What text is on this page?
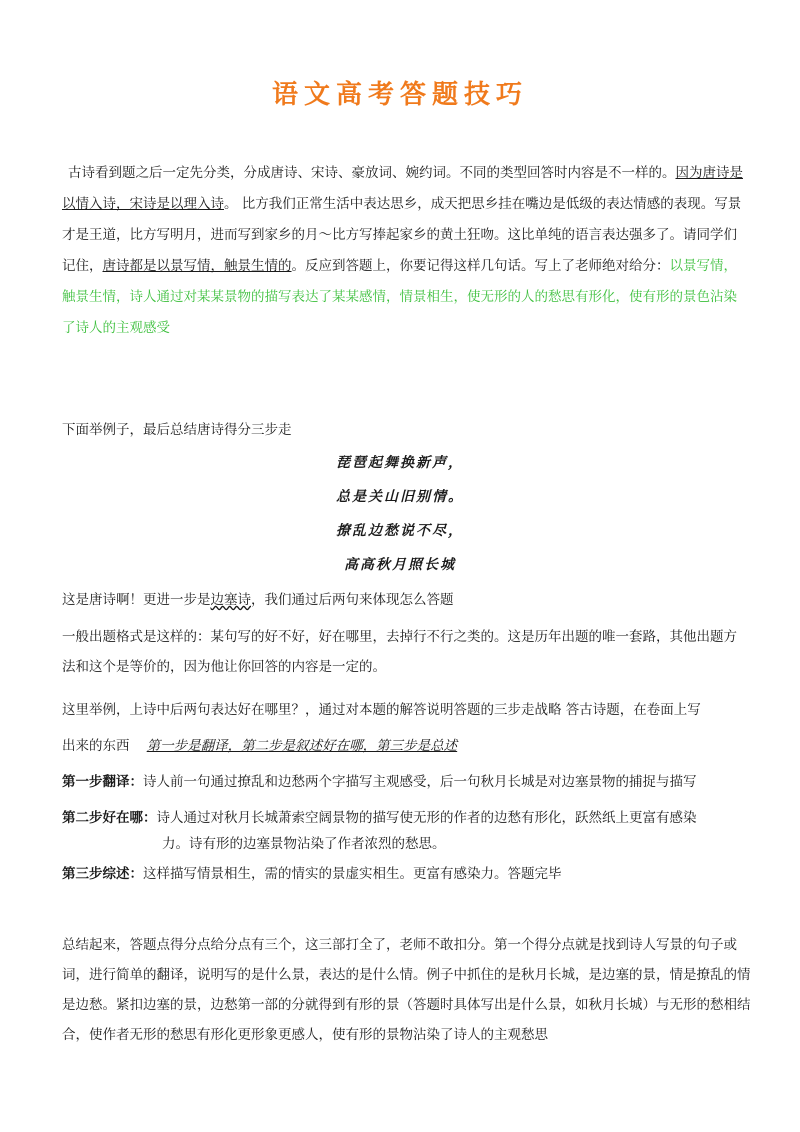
语文高考答题技巧
古诗看到题之后一定先分类，分成唐诗、宋诗、豪放词、婉约词。不同的类型回答时内容是不一样的。因为唐诗是以情入诗，宋诗是以理入诗。 比方我们正常生活中表达思乡，成天把思乡挂在嘴边是低级的表达情感的表现。写景才是王道，比方写明月，进而写到家乡的月～比方写捧起家乡的黄土狂吻。这比单纯的语言表达强多了。请同学们记住，唐诗都是以景写情，触景生情的。反应到答题上，你要记得这样几句话。写上了老师绝对给分：以景写情，触景生情，诗人通过对某某景物的描写表达了某某感情，情景相生，使无形的人的愁思有形化，使有形的景色沾染了诗人的主观感受
下面举例子，最后总结唐诗得分三步走
琵琶起舞换新声，
总是关山旧别情。
撩乱边愁说不尽，
高高秋月照长城
这是唐诗啊！更进一步是边塞诗，我们通过后两句来体现怎么答题
一般出题格式是这样的：某句写的好不好，好在哪里，去掉行不行之类的。这是历年出题的唯一套路，其他出题方法和这个是等价的，因为他让你回答的内容是一定的。
这里举例，上诗中后两句表达好在哪里？，通过对本题的解答说明答题的三步走战略 答古诗题，在卷面上写
出来的东西 第一步是翻译，第二步是叙述好在哪，第三步是总述
第一步翻译：诗人前一句通过撩乱和边愁两个字描写主观感受，后一句秋月长城是对边塞景物的捕捉与描写
第二步好在哪：诗人通过对秋月长城萧索空阔景物的描写使无形的作者的边愁有形化，跃然纸上更富有感染
力。诗有形的边塞景物沾染了作者浓烈的愁思。
第三步综述：这样描写情景相生，需的情实的景虚实相生。更富有感染力。答题完毕
总结起来，答题点得分点给分点有三个，这三部打全了，老师不敢扣分。第一个得分点就是找到诗人写景的句子或词，进行简单的翻译，说明写的是什么景，表达的是什么情。例子中抓住的是秋月长城，是边塞的景，情是撩乱的情是边愁。紧扣边塞的景，边愁第一部的分就得到有形的景（答题时具体写出是什么景，如秋月长城）与无形的愁相结合，使作者无形的愁思有形化更形象更感人，使有形的景物沾染了诗人的主观愁思
